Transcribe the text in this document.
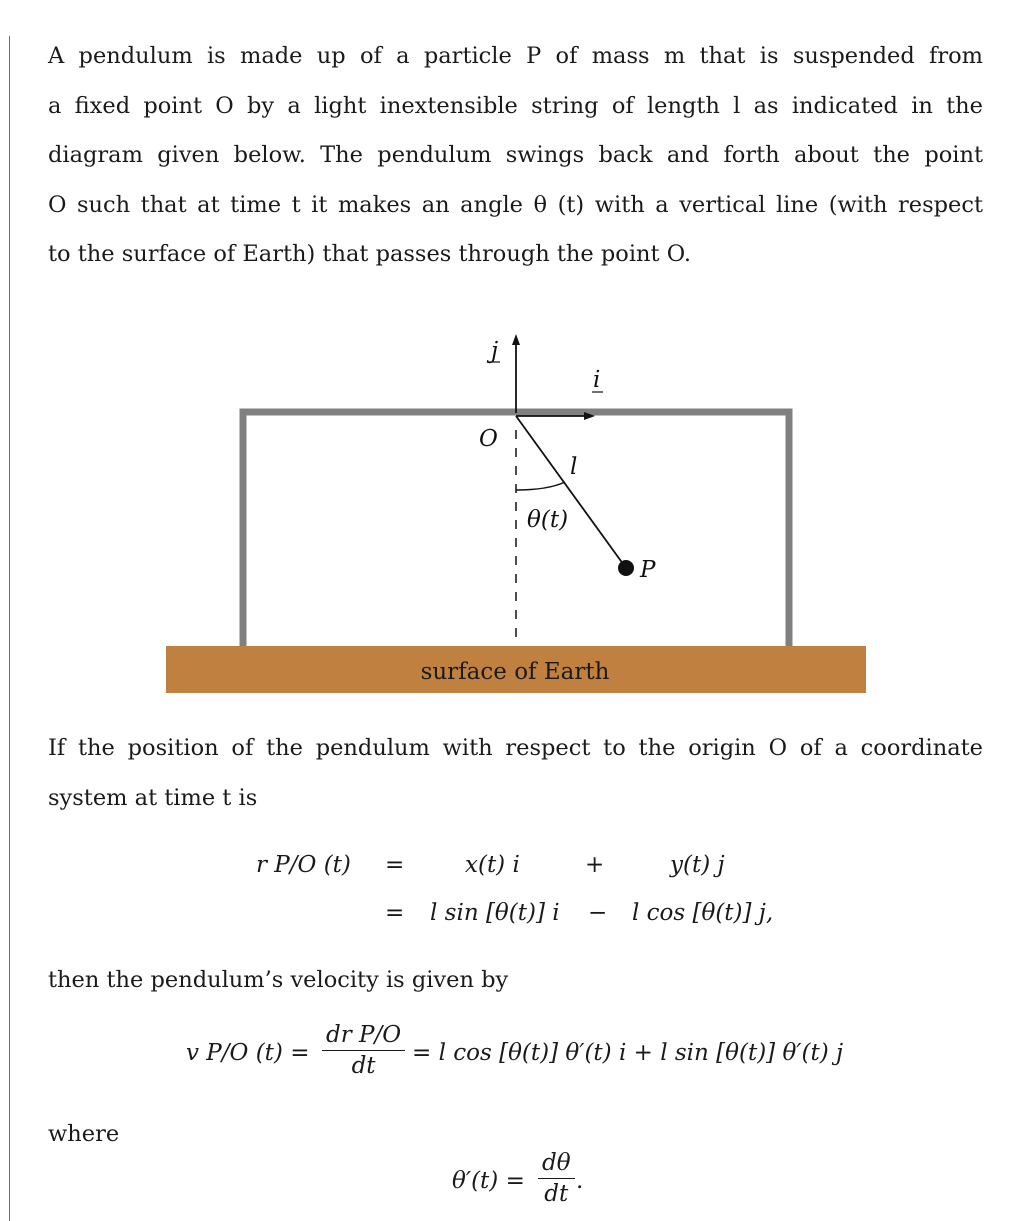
A pendulum is made up of a particle P of mass m that is suspended from
a fixed point O by a light inextensible string of length l as indicated in the
diagram given below. The pendulum swings back and forth about the point
O such that at time t it makes an angle θ (t) with a vertical line (with respect
to the surface of Earth) that passes through the point O.
surface of Earth
j
i
O
l
θ(t)
P
If the position of the pendulum with respect to the origin O of a coordinate
system at time t is
r P/O (t) =	x(t) i	+	y(t) j
= l sin [θ(t)] i − l cos [θ(t)] j,
then the pendulum’s velocity is given by
v P/O $(t) = \frac{\text{dr P/O}}{dt} = l$ cos [θ(t)] θ′(t) i + l sin [θ(t)] θ′(t) j
where
$\theta'(t) = \frac{d\theta}{dt}$ .
